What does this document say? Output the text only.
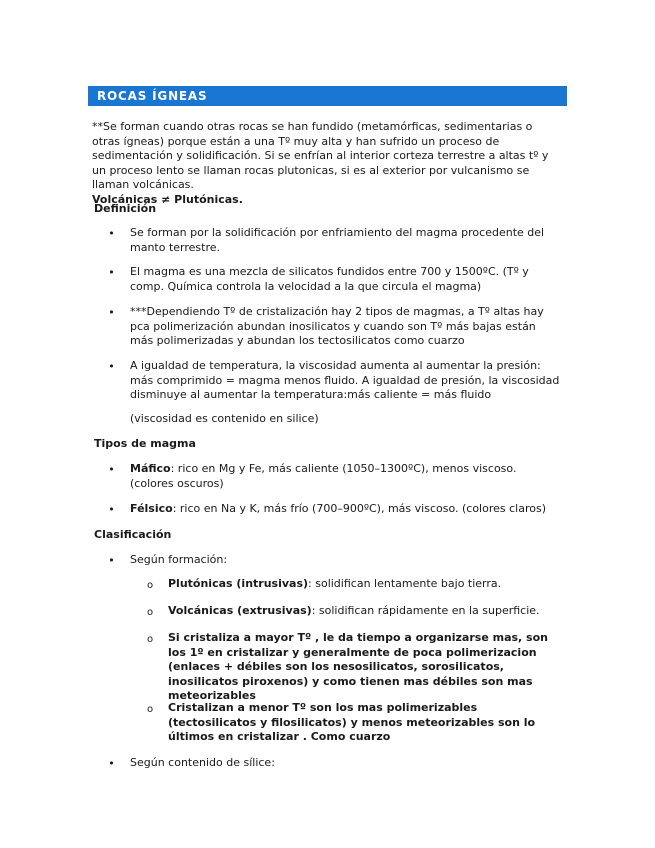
ROCAS ÍGNEAS
**Se forman cuando otras rocas se han fundido (metamórficas, sedimentarias o otras ígneas) porque están a una Tº muy alta y han sufrido un proceso de sedimentación y solidificación. Si se enfrían al interior corteza terrestre a altas tº y un proceso lento se llaman rocas plutonicas, si es al exterior por vulcanismo se llaman volcánicas.
Volcánicas ≠ Plutónicas.
Definición
• Se forman por la solidificación por enfriamiento del magma procedente del manto terrestre.
• El magma es una mezcla de silicatos fundidos entre 700 y 1500ºC. (Tº y comp. Química controla la velocidad a la que circula el magma)
• ***Dependiendo Tº de cristalización hay 2 tipos de magmas, a Tº altas hay pca polimerización abundan inosilicatos y cuando son Tº más bajas están más polimerizadas y abundan los tectosilicatos como cuarzo
• A igualdad de temperatura, la viscosidad aumenta al aumentar la presión: más comprimido = magma menos fluido. A igualdad de presión, la viscosidad disminuye al aumentar la temperatura:más caliente = más fluido
(viscosidad es contenido en silice)
Tipos de magma
• Máfico: rico en Mg y Fe, más caliente (1050–1300ºC), menos viscoso. (colores oscuros)
• Félsico: rico en Na y K, más frío (700–900ºC), más viscoso. (colores claros)
Clasificación
• Según formación:
o Plutónicas (intrusivas): solidifican lentamente bajo tierra.
o Volcánicas (extrusivas): solidifican rápidamente en la superficie.
o Si cristaliza a mayor Tº , le da tiempo a organizarse mas, son los 1º en cristalizar y generalmente de poca polimerizacion (enlaces + débiles son los nesosilicatos, sorosilicatos, inosilicatos piroxenos) y como tienen mas débiles son mas meteorizables
o Cristalizan a menor Tº son los mas polimerizables (tectosilicatos y filosilicatos) y menos meteorizables son lo últimos en cristalizar . Como cuarzo
• Según contenido de sílice:
